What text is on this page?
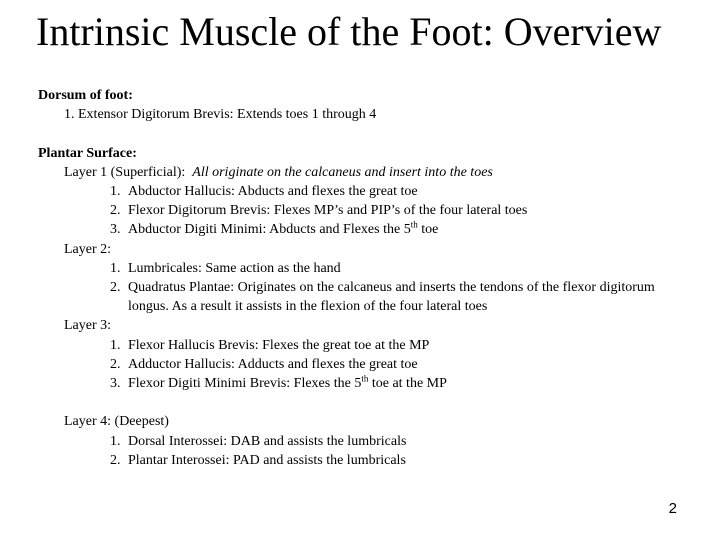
Intrinsic Muscle of the Foot: Overview
Dorsum of foot:
1. Extensor Digitorum Brevis: Extends toes 1 through 4
Plantar Surface:
Layer 1 (Superficial): All originate on the calcaneus and insert into the toes
1. Abductor Hallucis: Abducts and flexes the great toe
2. Flexor Digitorum Brevis: Flexes MP’s and PIP’s of the four lateral toes
3. Abductor Digiti Minimi: Abducts and Flexes the 5th toe
Layer 2:
1. Lumbricales: Same action as the hand
2. Quadratus Plantae: Originates on the calcaneus and inserts the tendons of the flexor digitorum longus. As a result it assists in the flexion of the four lateral toes
Layer 3:
1. Flexor Hallucis Brevis: Flexes the great toe at the MP
2. Adductor Hallucis: Adducts and flexes the great toe
3. Flexor Digiti Minimi Brevis: Flexes the 5th toe at the MP
Layer 4: (Deepest)
1. Dorsal Interossei: DAB and assists the lumbricals
2. Plantar Interossei: PAD and assists the lumbricals
2
